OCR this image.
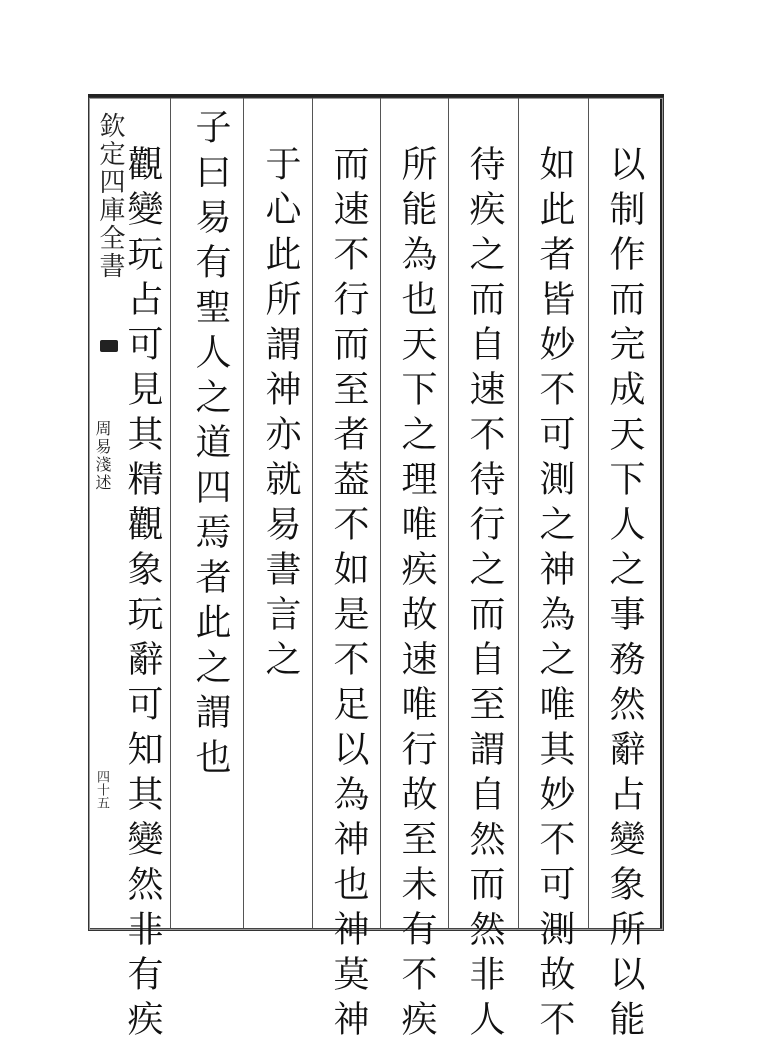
欽定四庫全書
周易淺述
四十五	以制作而完成天下人之事務然辭占變象所以能
如此者皆妙不可測之神為之唯其妙不可測故不
待疾之而自速不待行之而自至謂自然而然非人
所能為也天下之理唯疾故速唯行故至未有不疾
而速不行而至者葢不如是不足以為神也神莫神
于心此所謂神亦就易書言之
子曰易有聖人之道四焉者此之謂也
觀變玩占可見其精觀象玩辭可知其變然非有疾
